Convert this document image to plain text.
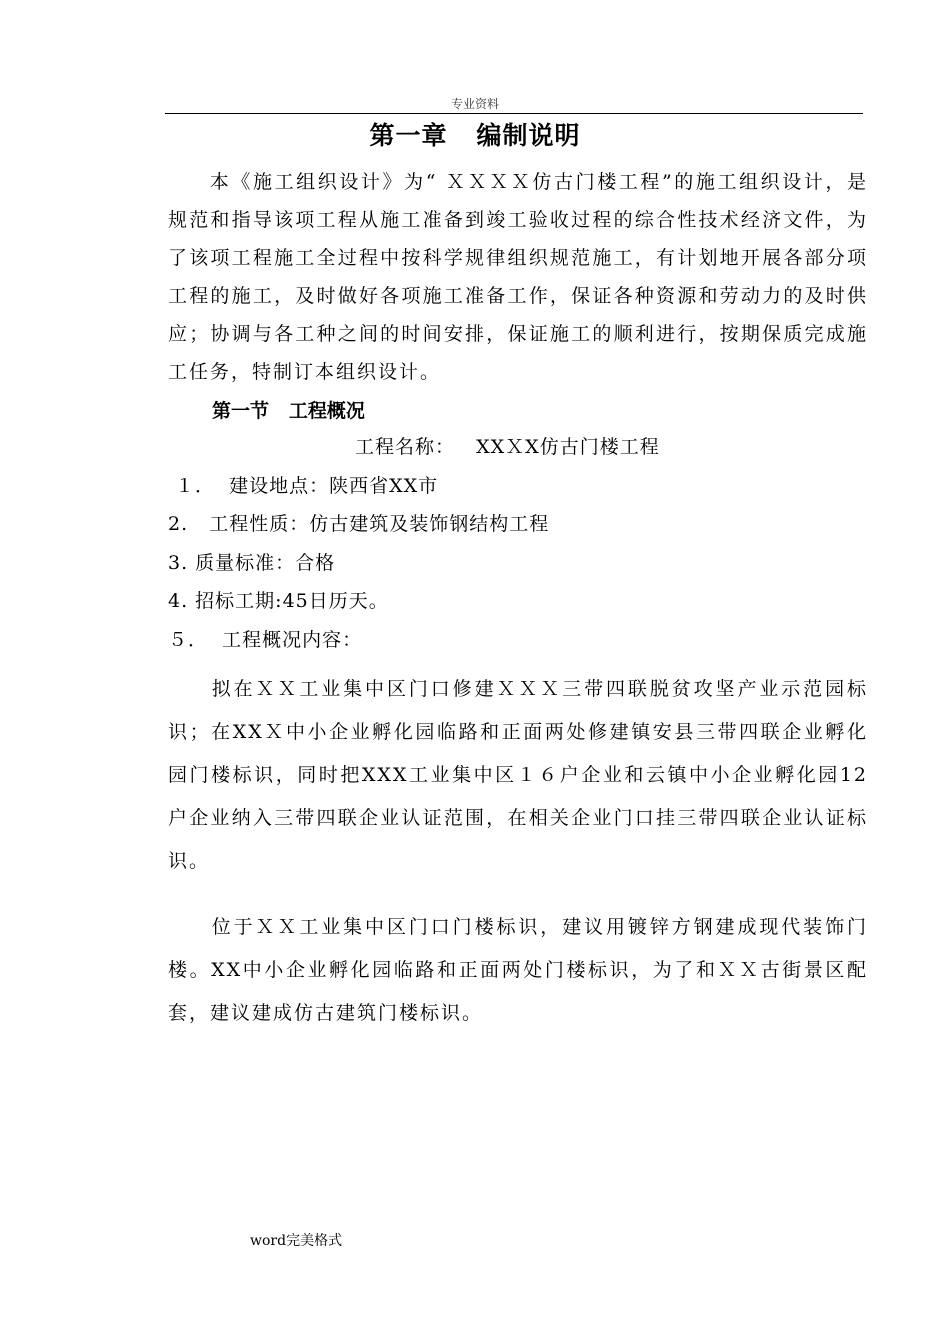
专业资料
第一章   编制说明
本《施工组织设计》为“ ＸＸＸＸ仿古门楼工程”的施工组织设计，是规范和指导该项工程从施工准备到竣工验收过程的综合性技术经济文件，为了该项工程施工全过程中按科学规律组织规范施工，有计划地开展各部分项工程的施工，及时做好各项施工准备工作，保证各种资源和劳动力的及时供应；协调与各工种之间的时间安排，保证施工的顺利进行，按期保质完成施工任务，特制订本组织设计。
第一节   工程概况
工程名称：   XXＸX仿古门楼工程
１．  建设地点：陕西省XX市
2.   工程性质：仿古建筑及装饰钢结构工程
3. 质量标准：合格
4. 招标工期:45日历天。
５．  工程概况内容：
拟在ＸＸ工业集中区门口修建ＸＸＸ三带四联脱贫攻坚产业示范园标识；在XXＸ中小企业孵化园临路和正面两处修建镇安县三带四联企业孵化园门楼标识，同时把XXX工业集中区１６户企业和云镇中小企业孵化园12户企业纳入三带四联企业认证范围，在相关企业门口挂三带四联企业认证标识。
位于ＸＸ工业集中区门口门楼标识，建议用镀锌方钢建成现代装饰门楼。XX中小企业孵化园临路和正面两处门楼标识，为了和ＸＸ古街景区配套，建议建成仿古建筑门楼标识。
word完美格式
